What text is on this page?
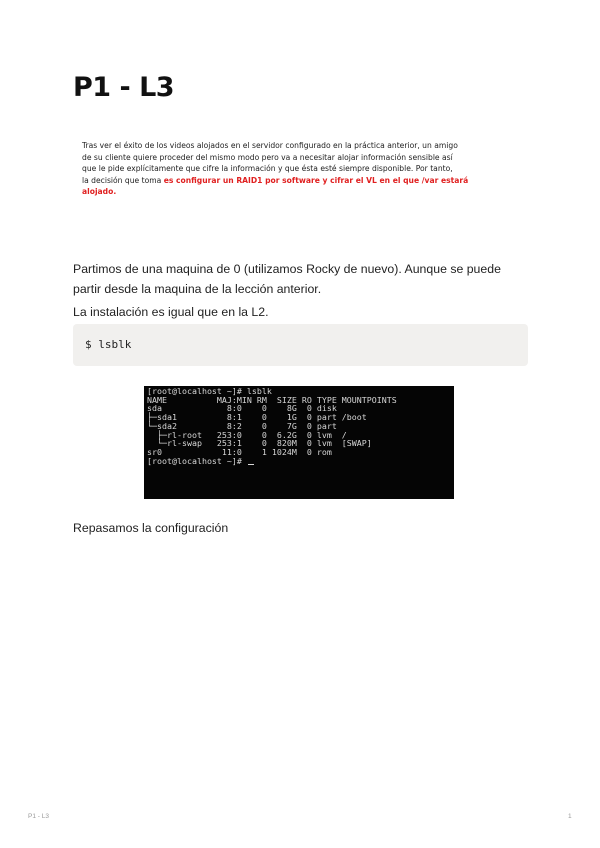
P1 - L3
Tras ver el éxito de los videos alojados en el servidor configurado en la práctica anterior, un amigo
de su cliente quiere proceder del mismo modo pero va a necesitar alojar información sensible así
que le pide explícitamente que cifre la información y que ésta esté siempre disponible. Por tanto,
la decisión que toma es configurar un RAID1 por software y cifrar el VL en el que /var estará
alojado.
Partimos de una maquina de 0 (utilizamos Rocky de nuevo). Aunque se puede
partir desde la maquina de la lección anterior.

La instalación es igual que en la L2.

$ lsblk
[root@localhost ~]# lsblk
NAME          MAJ:MIN RM  SIZE RO TYPE MOUNTPOINTS
sda             8:0    0    8G  0 disk
├─sda1          8:1    0    1G  0 part /boot
└─sda2          8:2    0    7G  0 part
├─rl-root   253:0    0  6.2G  0 lvm  /
└─rl-swap   253:1    0  820M  0 lvm  [SWAP]
sr0            11:0    1 1024M  0 rom
[root@localhost ~]#

Repasamos la configuración

P1 - L3	1
